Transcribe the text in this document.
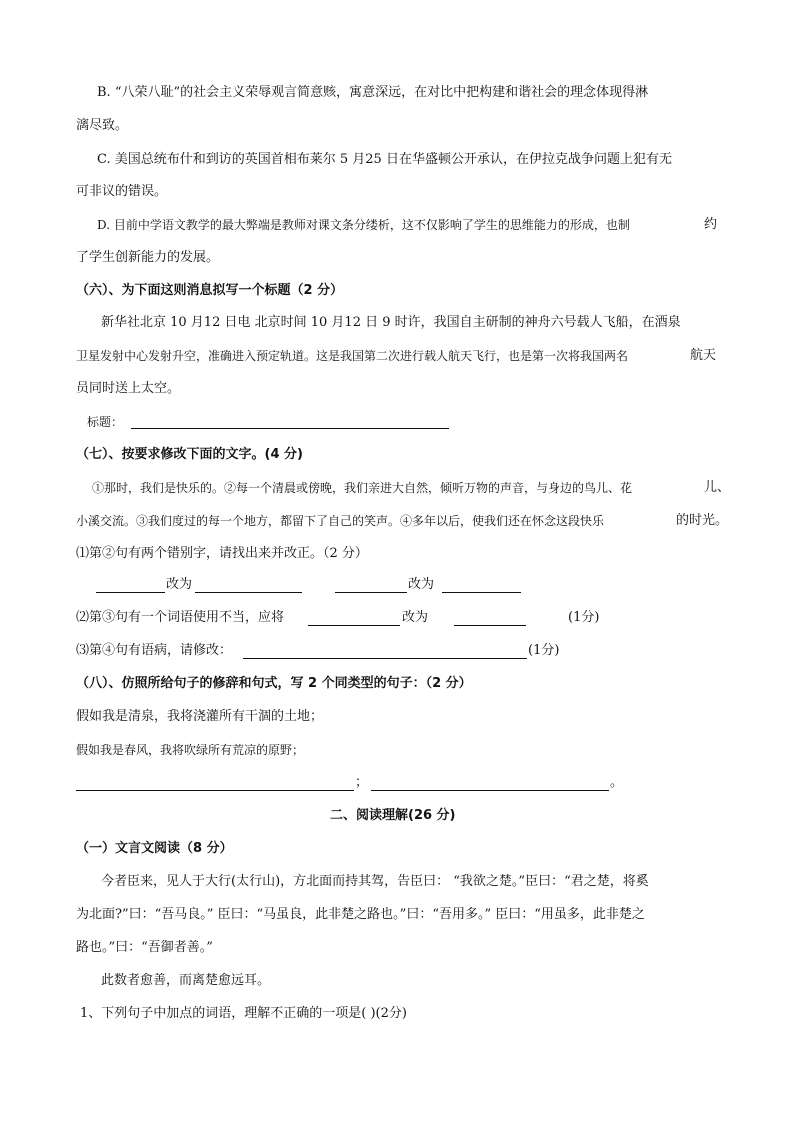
B. “八荣八耻”的社会主义荣辱观言简意赅，寓意深远，在对比中把构建和谐社会的理念体现得淋
漓尽致。
C. 美国总统布什和到访的英国首相布莱尔 5 月25 日在华盛顿公开承认，在伊拉克战争问题上犯有无
可非议的错误。
D. 目前中学语文教学的最大弊端是教师对课文条分缕析，这不仅影响了学生的思维能力的形成，也制	约
了学生创新能力的发展。
（六）、为下面这则消息拟写一个标题（2 分）
新华社北京 10 月12 日电 北京时间 10 月12 日 9 时许，我国自主研制的神舟六号载人飞船，在酒泉
卫星发射中心发射升空，准确进入预定轨道。这是我国第二次进行载人航天飞行，也是第一次将我国两名	航天
员同时送上太空。
标题：
（七）、按要求修改下面的文字。(4 分)
①那时，我们是快乐的。②每一个清晨或傍晚，我们亲进大自然，倾听万物的声音，与身边的鸟儿、花	儿、
小溪交流。③我们度过的每一个地方，都留下了自己的笑声。④多年以后，使我们还在怀念这段快乐	的时光。
⑴第②句有两个错别字，请找出来并改正。（2 分）
改为	改为
⑵第③句有一个词语使用不当，应将	改为	(1分)
⑶第④句有语病，请修改：	(1分)
（八）、仿照所给句子的修辞和句式，写 2 个同类型的句子：（2 分）
假如我是清泉，我将浇灌所有干涸的土地；
假如我是春风，我将吹绿所有荒凉的原野；
；	。
二、阅读理解(26 分)
（一）文言文阅读（8 分）
今者臣来，见人于大行(太行山)，方北面而持其驾，告臣曰： “我欲之楚。”臣曰：“君之楚，将奚
为北面?”曰：“吾马良。” 臣曰：“马虽良，此非楚之路也。”曰：“吾用多。” 臣曰：“用虽多，此非楚之
路也。”曰：“吾御者善。”
此数者愈善，而离楚愈远耳。
1、下列句子中加点的词语，理解不正确的一项是( )(2分)
